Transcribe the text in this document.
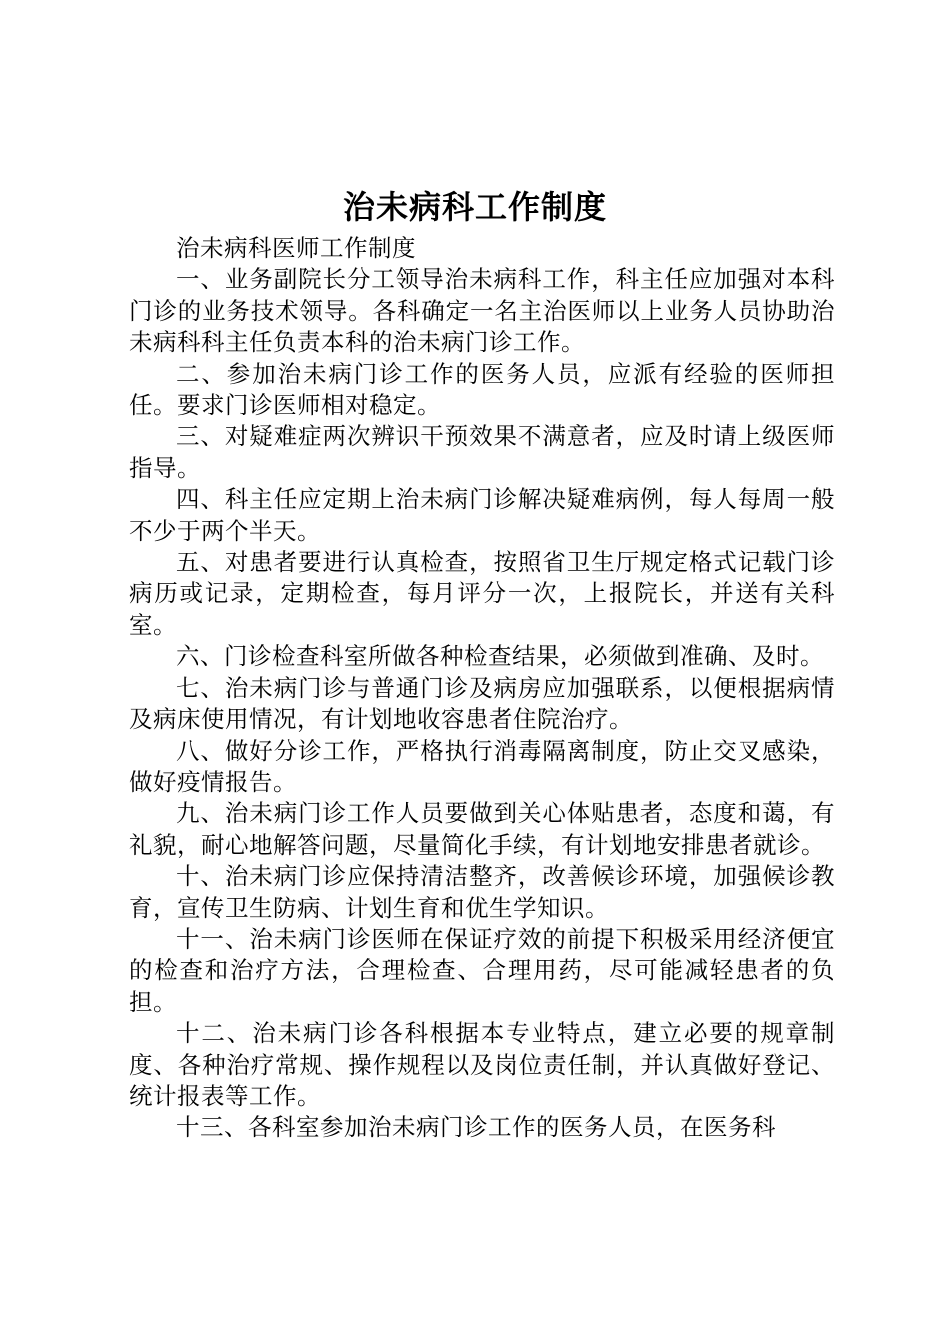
治未病科工作制度

治未病科医师工作制度

一、业务副院长分工领导治未病科工作，科主任应加强对本科门诊的业务技术领导。各科确定一名主治医师以上业务人员协助治未病科科主任负责本科的治未病门诊工作。

二、参加治未病门诊工作的医务人员，应派有经验的医师担任。要求门诊医师相对稳定。

三、对疑难症两次辨识干预效果不满意者，应及时请上级医师指导。

四、科主任应定期上治未病门诊解决疑难病例，每人每周一般不少于两个半天。

五、对患者要进行认真检查，按照省卫生厅规定格式记载门诊病历或记录，定期检查，每月评分一次，上报院长，并送有关科室。

六、门诊检查科室所做各种检查结果，必须做到准确、及时。

七、治未病门诊与普通门诊及病房应加强联系，以便根据病情及病床使用情况，有计划地收容患者住院治疗。

八、做好分诊工作，严格执行消毒隔离制度，防止交叉感染，做好疫情报告。

九、治未病门诊工作人员要做到关心体贴患者，态度和蔼，有礼貌，耐心地解答问题，尽量简化手续，有计划地安排患者就诊。

十、治未病门诊应保持清洁整齐，改善候诊环境，加强候诊教育，宣传卫生防病、计划生育和优生学知识。

十一、治未病门诊医师在保证疗效的前提下积极采用经济便宜的检查和治疗方法，合理检查、合理用药，尽可能减轻患者的负担。

十二、治未病门诊各科根据本专业特点，建立必要的规章制度、各种治疗常规、操作规程以及岗位责任制，并认真做好登记、统计报表等工作。

十三、各科室参加治未病门诊工作的医务人员，在医务科
